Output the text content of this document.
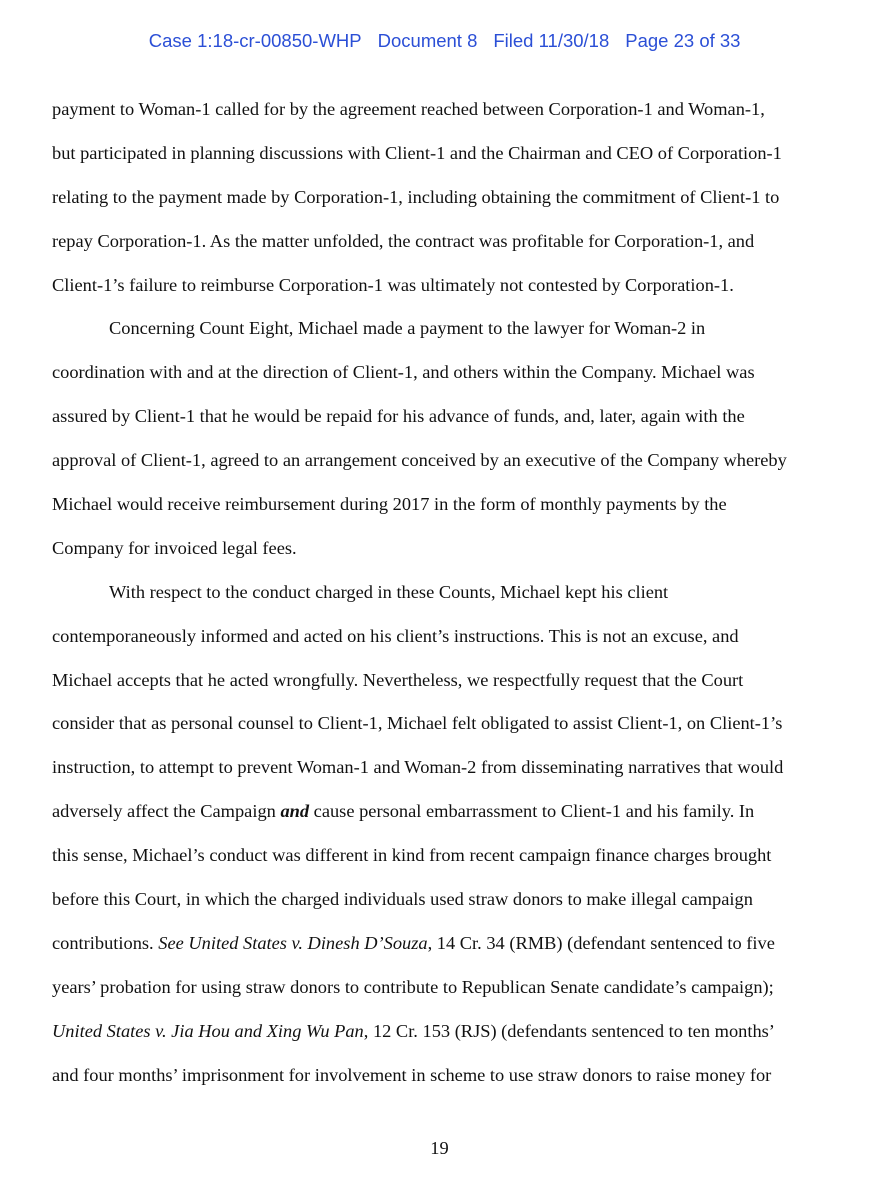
Case 1:18-cr-00850-WHP Document 8 Filed 11/30/18 Page 23 of 33

payment to Woman-1 called for by the agreement reached between Corporation-1 and Woman-1,
but participated in planning discussions with Client-1 and the Chairman and CEO of Corporation-1
relating to the payment made by Corporation-1, including obtaining the commitment of Client-1 to
repay Corporation-1. As the matter unfolded, the contract was profitable for Corporation-1, and
Client-1’s failure to reimburse Corporation-1 was ultimately not contested by Corporation-1.
Concerning Count Eight, Michael made a payment to the lawyer for Woman-2 in
coordination with and at the direction of Client-1, and others within the Company. Michael was
assured by Client-1 that he would be repaid for his advance of funds, and, later, again with the
approval of Client-1, agreed to an arrangement conceived by an executive of the Company whereby
Michael would receive reimbursement during 2017 in the form of monthly payments by the
Company for invoiced legal fees.
With respect to the conduct charged in these Counts, Michael kept his client
contemporaneously informed and acted on his client’s instructions. This is not an excuse, and
Michael accepts that he acted wrongfully. Nevertheless, we respectfully request that the Court
consider that as personal counsel to Client-1, Michael felt obligated to assist Client-1, on Client-1’s
instruction, to attempt to prevent Woman-1 and Woman-2 from disseminating narratives that would
adversely affect the Campaign and cause personal embarrassment to Client-1 and his family. In
this sense, Michael’s conduct was different in kind from recent campaign finance charges brought
before this Court, in which the charged individuals used straw donors to make illegal campaign
contributions. See United States v. Dinesh D’Souza, 14 Cr. 34 (RMB) (defendant sentenced to five
years’ probation for using straw donors to contribute to Republican Senate candidate’s campaign);
United States v. Jia Hou and Xing Wu Pan, 12 Cr. 153 (RJS) (defendants sentenced to ten months’
and four months’ imprisonment for involvement in scheme to use straw donors to raise money for
19
